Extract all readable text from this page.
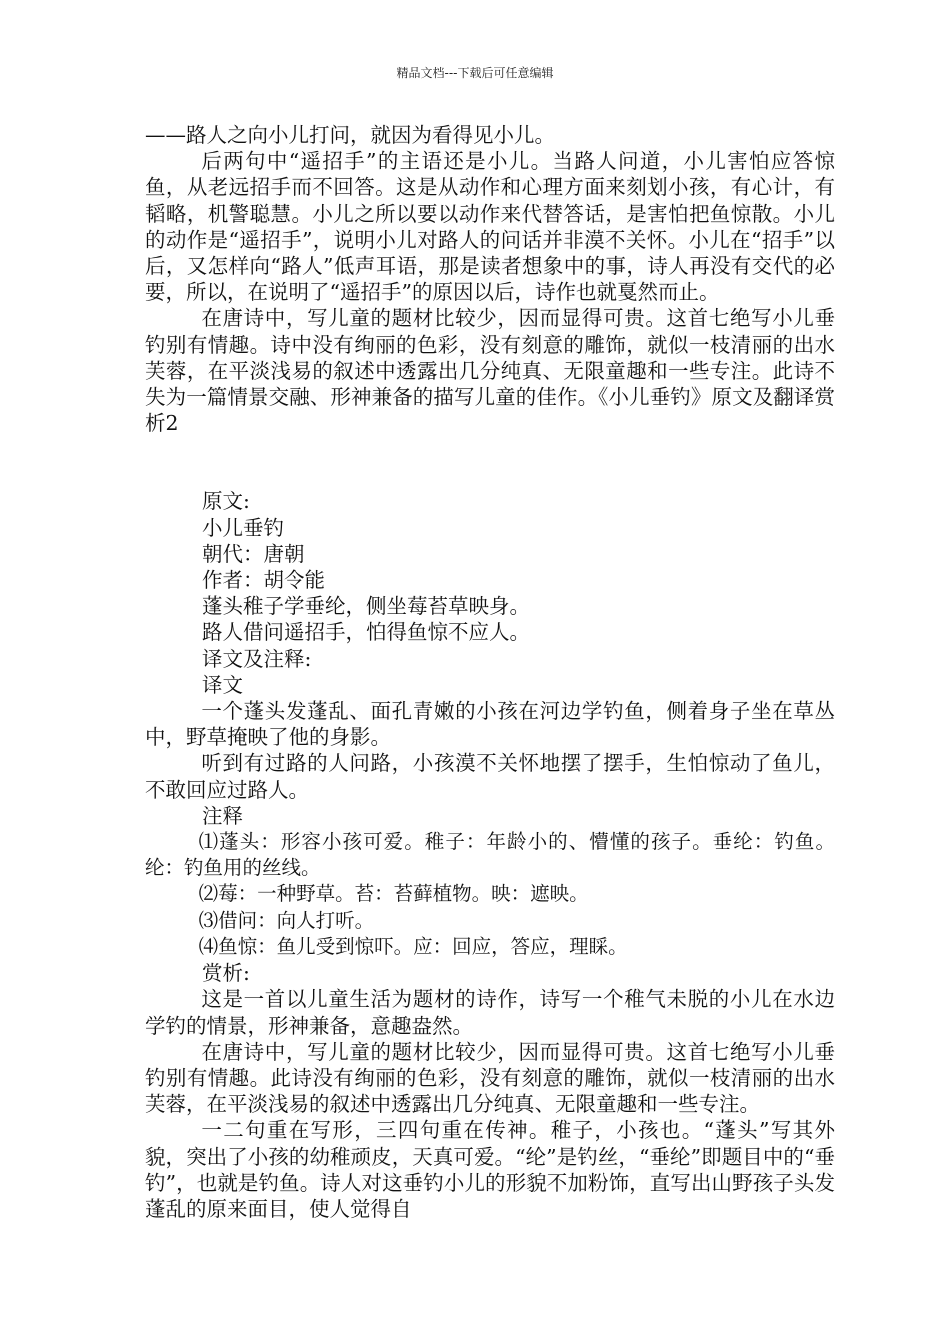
精品文档---下载后可任意编辑

——路人之向小儿打问，就因为看得见小儿。

后两句中“遥招手”的主语还是小儿。当路人问道，小儿害怕应答惊鱼，从老远招手而不回答。这是从动作和心理方面来刻划小孩，有心计，有韬略，机警聪慧。小儿之所以要以动作来代替答话，是害怕把鱼惊散。小儿的动作是“遥招手”，说明小儿对路人的问话并非漠不关怀。小儿在“招手”以后，又怎样向“路人”低声耳语，那是读者想象中的事，诗人再没有交代的必要，所以，在说明了“遥招手”的原因以后，诗作也就戛然而止。

在唐诗中，写儿童的题材比较少，因而显得可贵。这首七绝写小儿垂钓别有情趣。诗中没有绚丽的色彩，没有刻意的雕饰，就似一枝清丽的出水芙蓉，在平淡浅易的叙述中透露出几分纯真、无限童趣和一些专注。此诗不失为一篇情景交融、形神兼备的描写儿童的佳作。《小儿垂钓》原文及翻译赏析2

原文:

小儿垂钓

朝代：唐朝

作者：胡令能

蓬头稚子学垂纶，侧坐莓苔草映身。

路人借问遥招手，怕得鱼惊不应人。

译文及注释:

译文

一个蓬头发蓬乱、面孔青嫩的小孩在河边学钓鱼，侧着身子坐在草丛中，野草掩映了他的身影。

听到有过路的人问路，小孩漠不关怀地摆了摆手，生怕惊动了鱼儿，不敢回应过路人。

注释

⑴蓬头：形容小孩可爱。稚子：年龄小的、懵懂的孩子。垂纶：钓鱼。纶：钓鱼用的丝线。

⑵莓：一种野草。苔：苔藓植物。映：遮映。

⑶借问：向人打听。

⑷鱼惊：鱼儿受到惊吓。应：回应，答应，理睬。

赏析:

这是一首以儿童生活为题材的诗作，诗写一个稚气未脱的小儿在水边学钓的情景，形神兼备，意趣盎然。

在唐诗中，写儿童的题材比较少，因而显得可贵。这首七绝写小儿垂钓别有情趣。此诗没有绚丽的色彩，没有刻意的雕饰，就似一枝清丽的出水芙蓉，在平淡浅易的叙述中透露出几分纯真、无限童趣和一些专注。

一二句重在写形，三四句重在传神。稚子，小孩也。“蓬头”写其外貌，突出了小孩的幼稚顽皮，天真可爱。“纶”是钓丝，“垂纶”即题目中的“垂钓”，也就是钓鱼。诗人对这垂钓小儿的形貌不加粉饰，直写出山野孩子头发蓬乱的原来面目，使人觉得自
